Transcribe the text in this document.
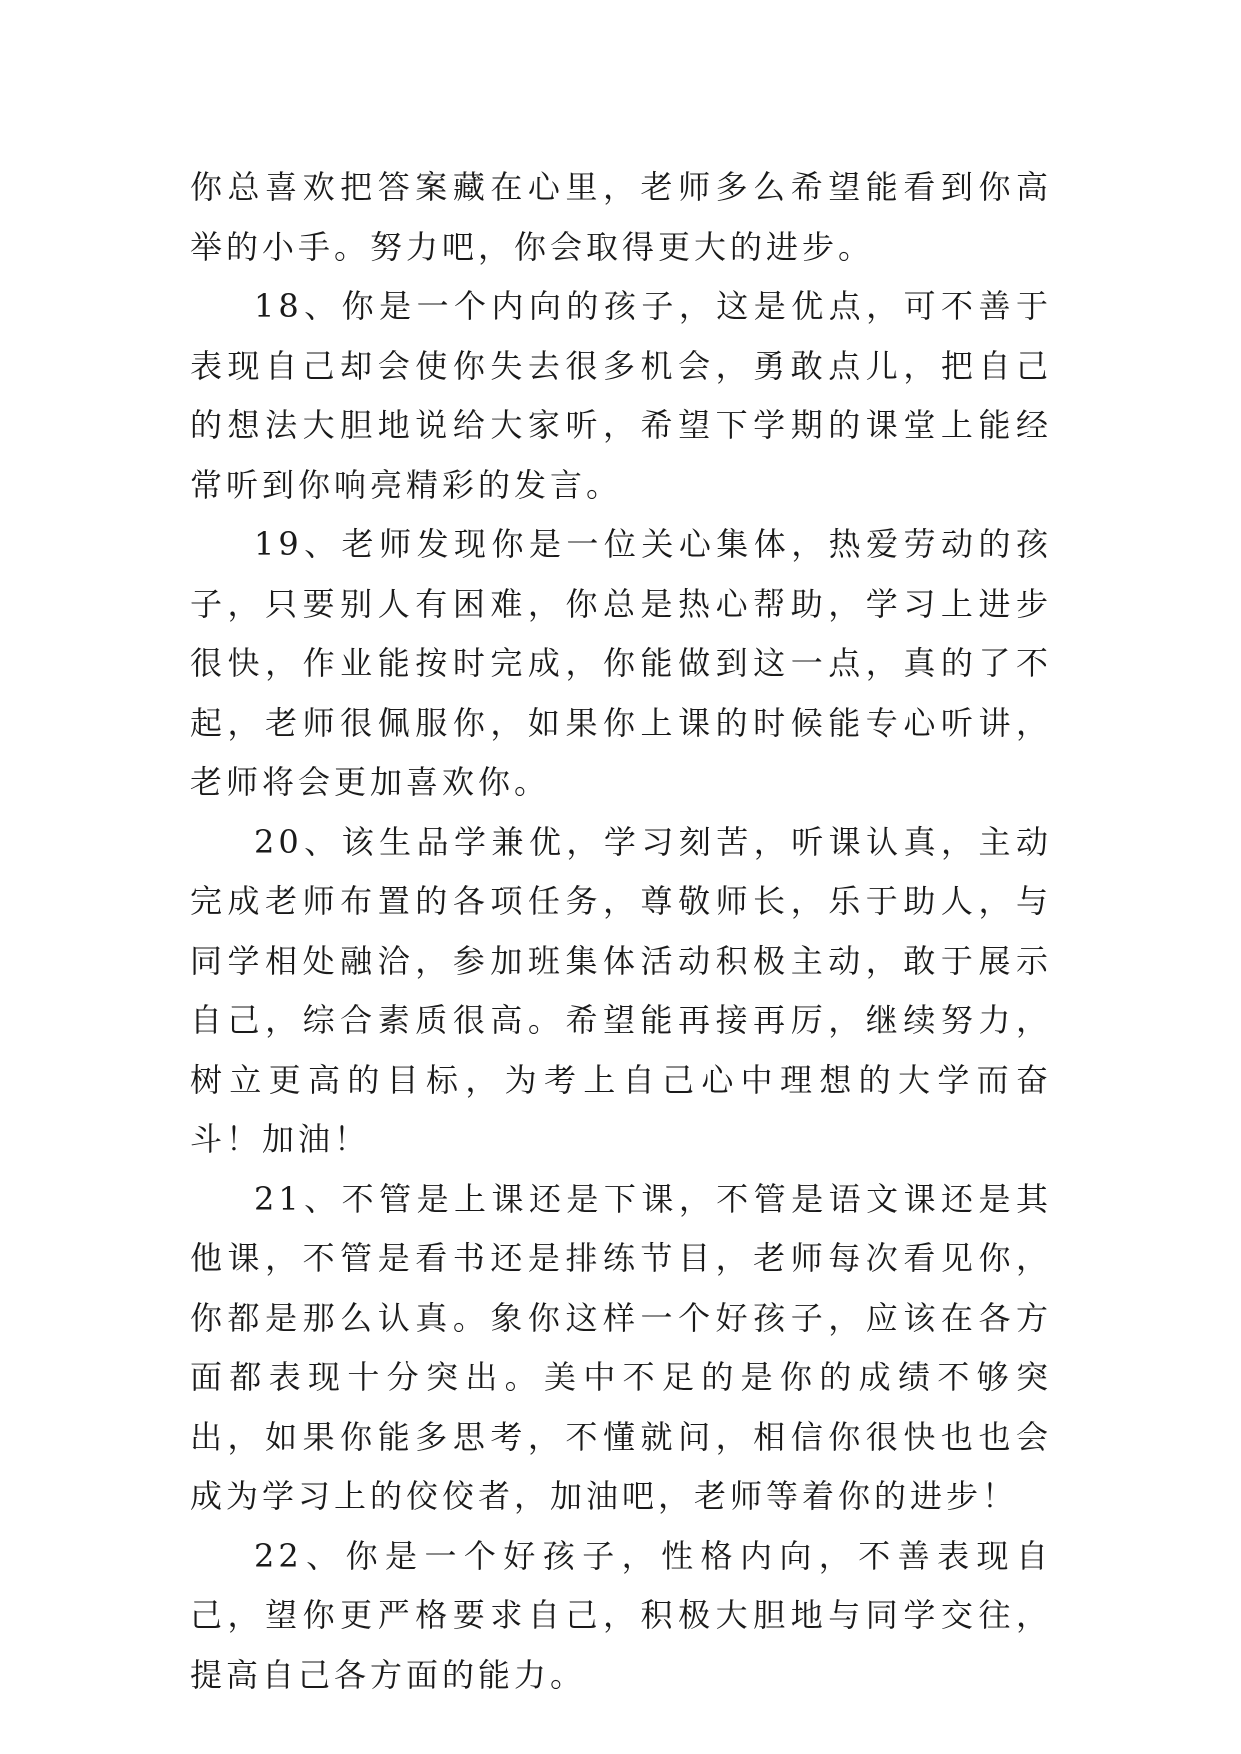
你总喜欢把答案藏在心里，老师多么希望能看到你高举的小手。努力吧，你会取得更大的进步。

18、你是一个内向的孩子，这是优点，可不善于表现自己却会使你失去很多机会，勇敢点儿，把自己的想法大胆地说给大家听，希望下学期的课堂上能经常听到你响亮精彩的发言。

19、老师发现你是一位关心集体，热爱劳动的孩子，只要别人有困难，你总是热心帮助，学习上进步很快，作业能按时完成，你能做到这一点，真的了不起，老师很佩服你，如果你上课的时候能专心听讲，老师将会更加喜欢你。

20、该生品学兼优，学习刻苦，听课认真，主动完成老师布置的各项任务，尊敬师长，乐于助人，与同学相处融洽，参加班集体活动积极主动，敢于展示自己，综合素质很高。希望能再接再厉，继续努力，树立更高的目标，为考上自己心中理想的大学而奋斗！加油！

21、不管是上课还是下课，不管是语文课还是其他课，不管是看书还是排练节目，老师每次看见你，你都是那么认真。象你这样一个好孩子，应该在各方面都表现十分突出。美中不足的是你的成绩不够突出，如果你能多思考，不懂就问，相信你很快也也会成为学习上的佼佼者，加油吧，老师等着你的进步！

22、你是一个好孩子，性格内向，不善表现自己，望你更严格要求自己，积极大胆地与同学交往，提高自己各方面的能力。
